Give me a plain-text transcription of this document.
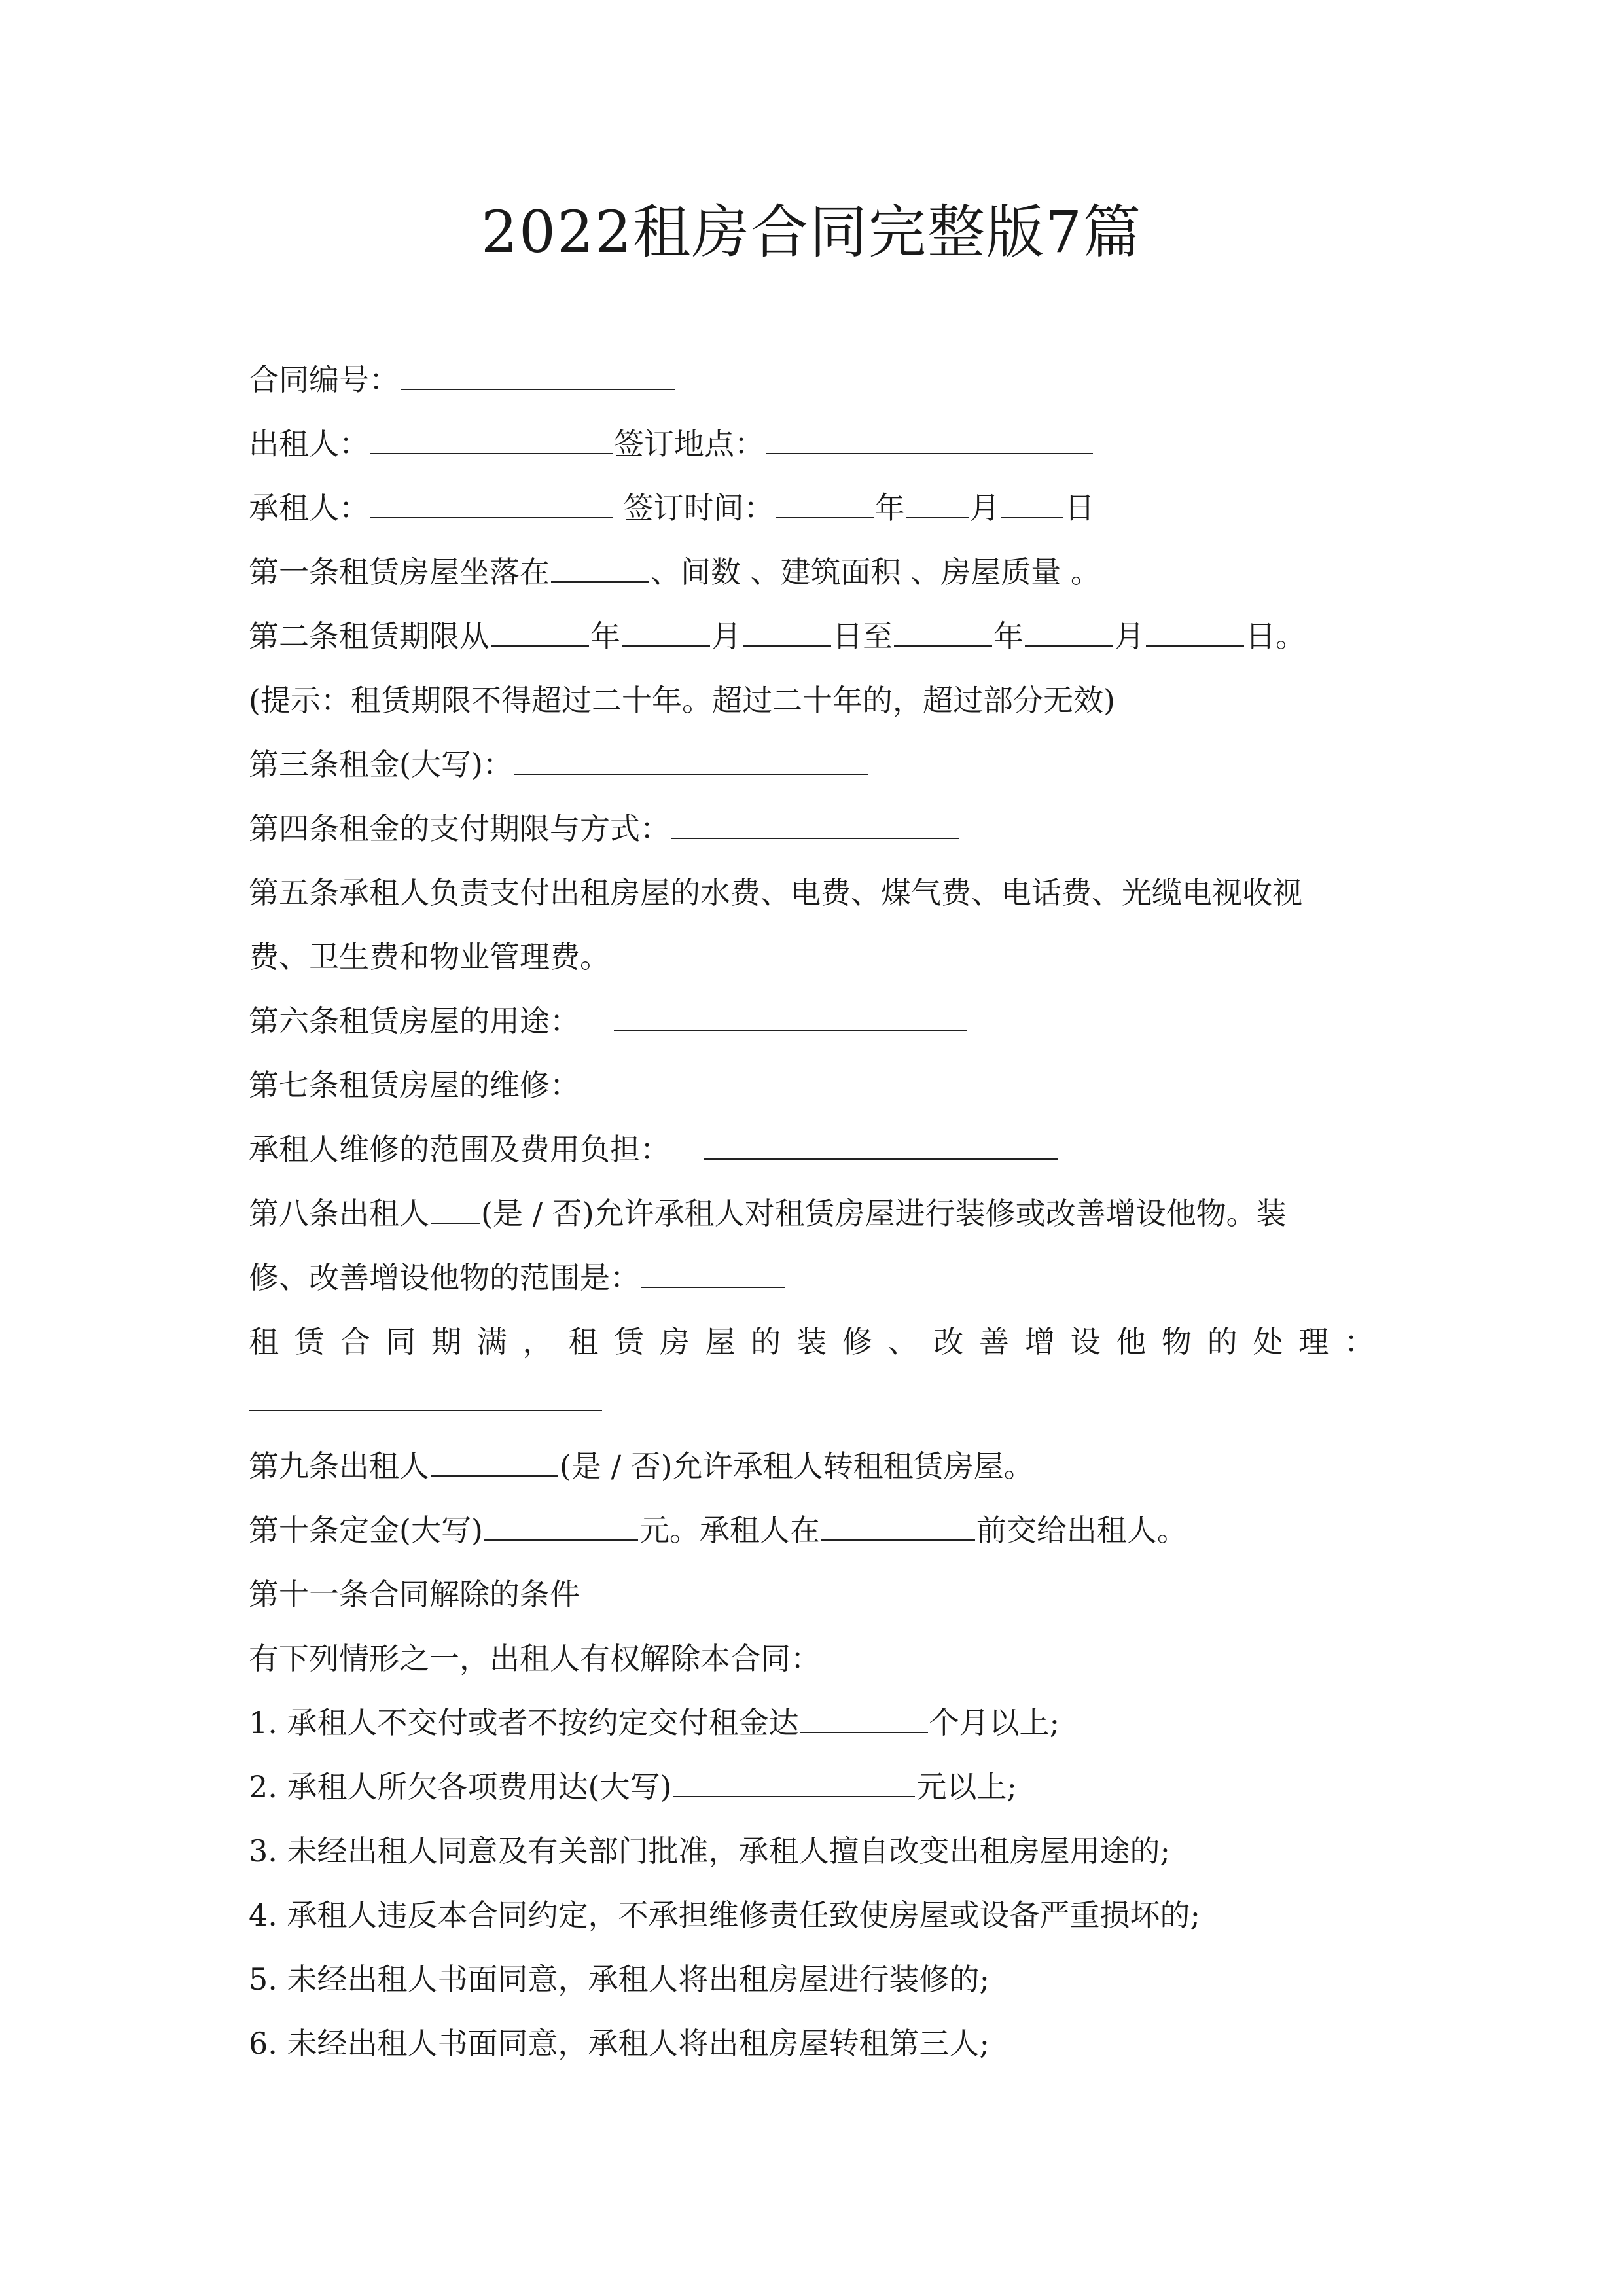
2022租房合同完整版7篇
合同编号：
出租人：	签订地点：
承租人：	签订时间：	年 月 日
第一条租赁房屋坐落在	、间数 、建筑面积 、房屋质量 。
第二条租赁期限从	年	月	日至	年	月	日。
(提示：租赁期限不得超过二十年。超过二十年的，超过部分无效)
第三条租金(大写)：
第四条租金的支付期限与方式：
第五条承租人负责支付出租房屋的水费、电费、煤气费、电话费、光缆电视收视
费、卫生费和物业管理费。
第六条租赁房屋的用途：
第七条租赁房屋的维修：
承租人维修的范围及费用负担：
第八条出租人 (是 / 否)允许承租人对租赁房屋进行装修或改善增设他物。装
修、改善增设他物的范围是：
租 赁 合 同 期 满 ， 租 赁 房 屋 的 装 修 、 改 善 增 设 他 物 的 处 理 ：
第九条出租人	(是 / 否)允许承租人转租租赁房屋。
第十条定金(大写)	元。承租人在	前交给出租人。
第十一条合同解除的条件
有下列情形之一，出租人有权解除本合同：
1. 承租人不交付或者不按约定交付租金达	个月以上;
2. 承租人所欠各项费用达(大写)	元以上;
3. 未经出租人同意及有关部门批准，承租人擅自改变出租房屋用途的;
4. 承租人违反本合同约定，不承担维修责任致使房屋或设备严重损坏的;
5. 未经出租人书面同意，承租人将出租房屋进行装修的;
6. 未经出租人书面同意，承租人将出租房屋转租第三人;
